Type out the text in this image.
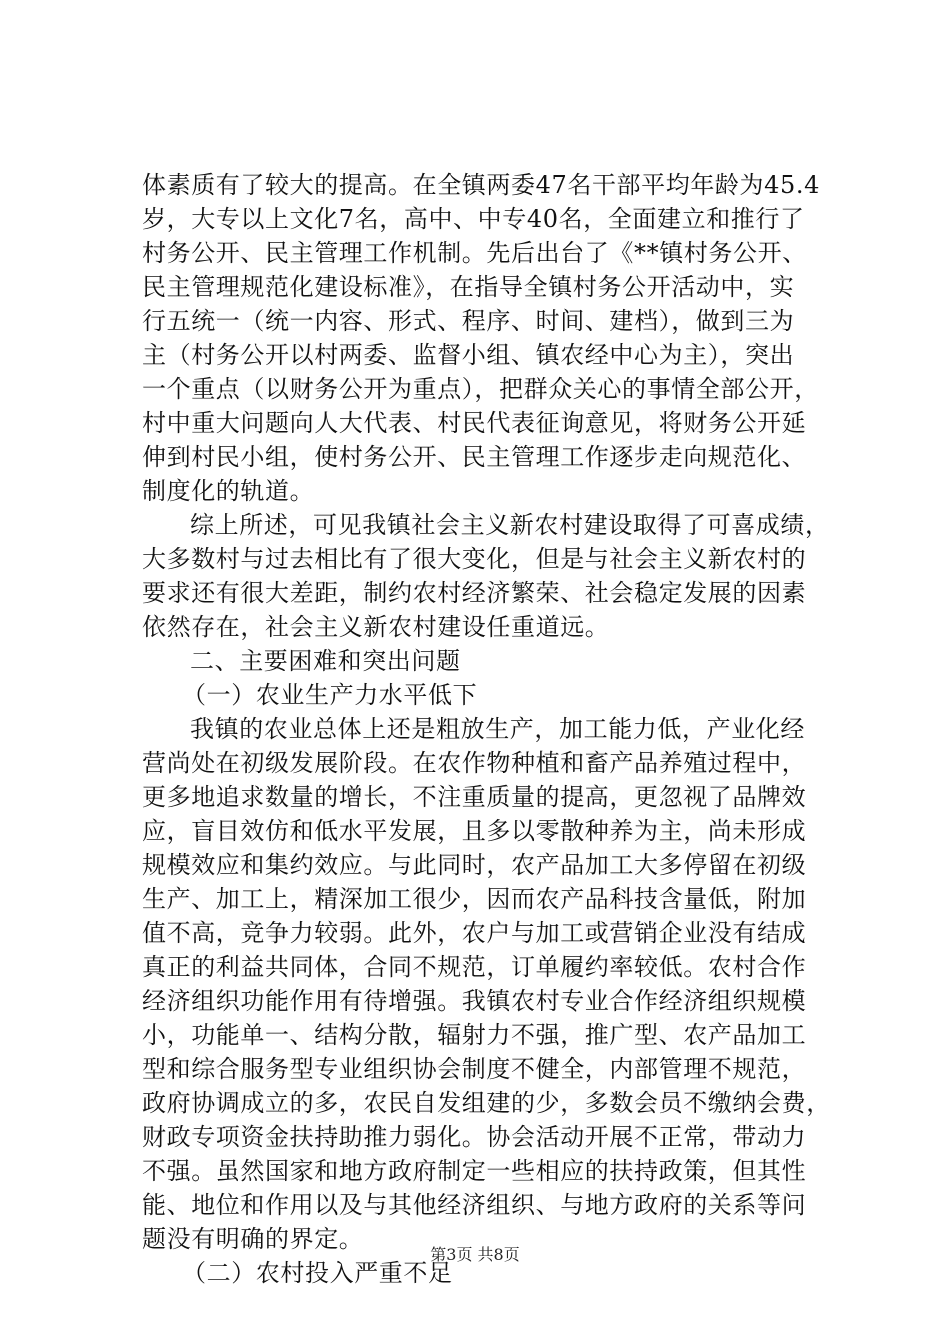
体素质有了较大的提高。在全镇两委47名干部平均年龄为45.4
岁，大专以上文化7名，高中、中专40名，全面建立和推行了
村务公开、民主管理工作机制。先后出台了《**镇村务公开、
民主管理规范化建设标准》，在指导全镇村务公开活动中，实
行五统一（统一内容、形式、程序、时间、建档），做到三为
主（村务公开以村两委、监督小组、镇农经中心为主），突出
一个重点（以财务公开为重点），把群众关心的事情全部公开，
村中重大问题向人大代表、村民代表征询意见，将财务公开延
伸到村民小组，使村务公开、民主管理工作逐步走向规范化、
制度化的轨道。
综上所述，可见我镇社会主义新农村建设取得了可喜成绩，
大多数村与过去相比有了很大变化，但是与社会主义新农村的
要求还有很大差距，制约农村经济繁荣、社会稳定发展的因素
依然存在，社会主义新农村建设任重道远。
二、主要困难和突出问题
（一）农业生产力水平低下
我镇的农业总体上还是粗放生产，加工能力低，产业化经
营尚处在初级发展阶段。在农作物种植和畜产品养殖过程中，
更多地追求数量的增长，不注重质量的提高，更忽视了品牌效
应，盲目效仿和低水平发展，且多以零散种养为主，尚未形成
规模效应和集约效应。与此同时，农产品加工大多停留在初级
生产、加工上，精深加工很少，因而农产品科技含量低，附加
值不高，竞争力较弱。此外，农户与加工或营销企业没有结成
真正的利益共同体，合同不规范，订单履约率较低。农村合作
经济组织功能作用有待增强。我镇农村专业合作经济组织规模
小，功能单一、结构分散，辐射力不强，推广型、农产品加工
型和综合服务型专业组织协会制度不健全，内部管理不规范，
政府协调成立的多，农民自发组建的少，多数会员不缴纳会费，
财政专项资金扶持助推力弱化。协会活动开展不正常，带动力
不强。虽然国家和地方政府制定一些相应的扶持政策，但其性
能、地位和作用以及与其他经济组织、与地方政府的关系等问
题没有明确的界定。
（二）农村投入严重不足
第3页 共8页
